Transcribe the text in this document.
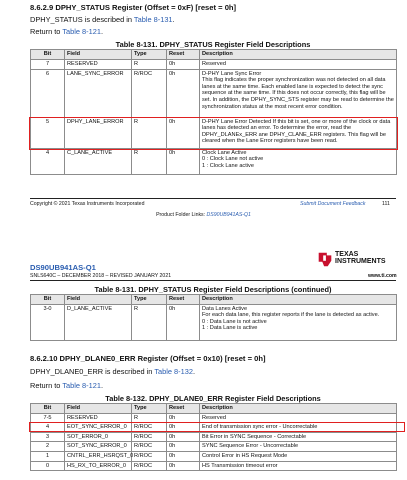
8.6.2.9 DPHY_STATUS Register (Offset = 0xF) [reset = 0h]
DPHY_STATUS is described in Table 8-131.
Return to Table 8-121.
Table 8-131. DPHY_STATUS Register Field Descriptions
Bit	Field	Type	Reset	Description
7	RESERVED	R	0h	Reserved
6	LANE_SYNC_ERROR	R/ROC	0h	D-PHY Lane Sync Error
This flag indicates the proper synchronization was not detected on all data lanes at the same time. Each enabled lane is expected to detect the sync sequence at the same time. If this does not occur correctly, this flag will be set. In addition, the DPHY_SYNC_STS register may be read to determine the synchronization status at the most recent error condition.
5	DPHY_LANE_ERROR	R	0h	D-PHY Lane Error Detected If this bit is set, one or more of the clock or data lanes has detected an error. To determine the error, read the DPHY_DLANEx_ERR ane DPHY_CLANE_ERR registers. This flag will be cleared when the Lane Error registers have been read.
4	C_LANE_ACTIVE	R	0h	Clock Lane Active
0 : Clock Lane not active
1 : Clock Lane active
Copyright © 2021 Texas Instruments Incorporated	Submit Document Feedback	111
Product Folder Links: DS90UB941AS-Q1
TEXAS
INSTRUMENTS
DS90UB941AS-Q1
SNLS640C – DECEMBER 2018 – REVISED JANUARY 2021	www.ti.com
Table 8-131. DPHY_STATUS Register Field Descriptions (continued)
Bit	Field	Type	Reset	Description
3-0	D_LANE_ACTIVE	R	0h	Data Lanes Active
For each data lane, this register reports if the lane is detected as active.
0 : Data Lane is not active
1 : Data Lane is active
8.6.2.10 DPHY_DLANE0_ERR Register (Offset = 0x10) [reset = 0h]
DPHY_DLANE0_ERR is described in Table 8-132.
Return to Table 8-121.
Table 8-132. DPHY_DLANE0_ERR Register Field Descriptions
Bit	Field	Type	Reset	Description
7-5	RESERVED	R	0h	Reserved
4	EOT_SYNC_ERROR_0	R/ROC	0h	End of transmission sync error - Uncorrectable
3	SOT_ERROR_0	R/ROC	0h	Bit Error in SYNC Sequence - Correctable
2	SOT_SYNC_ERROR_0	R/ROC	0h	SYNC Sequence Error - Uncorrectable
1	CNTRL_ERR_HSRQST_0	R/ROC	0h	Control Error in HS Request Mode
0	HS_RX_TO_ERROR_0	R/ROC	0h	HS Transmission timeout error
